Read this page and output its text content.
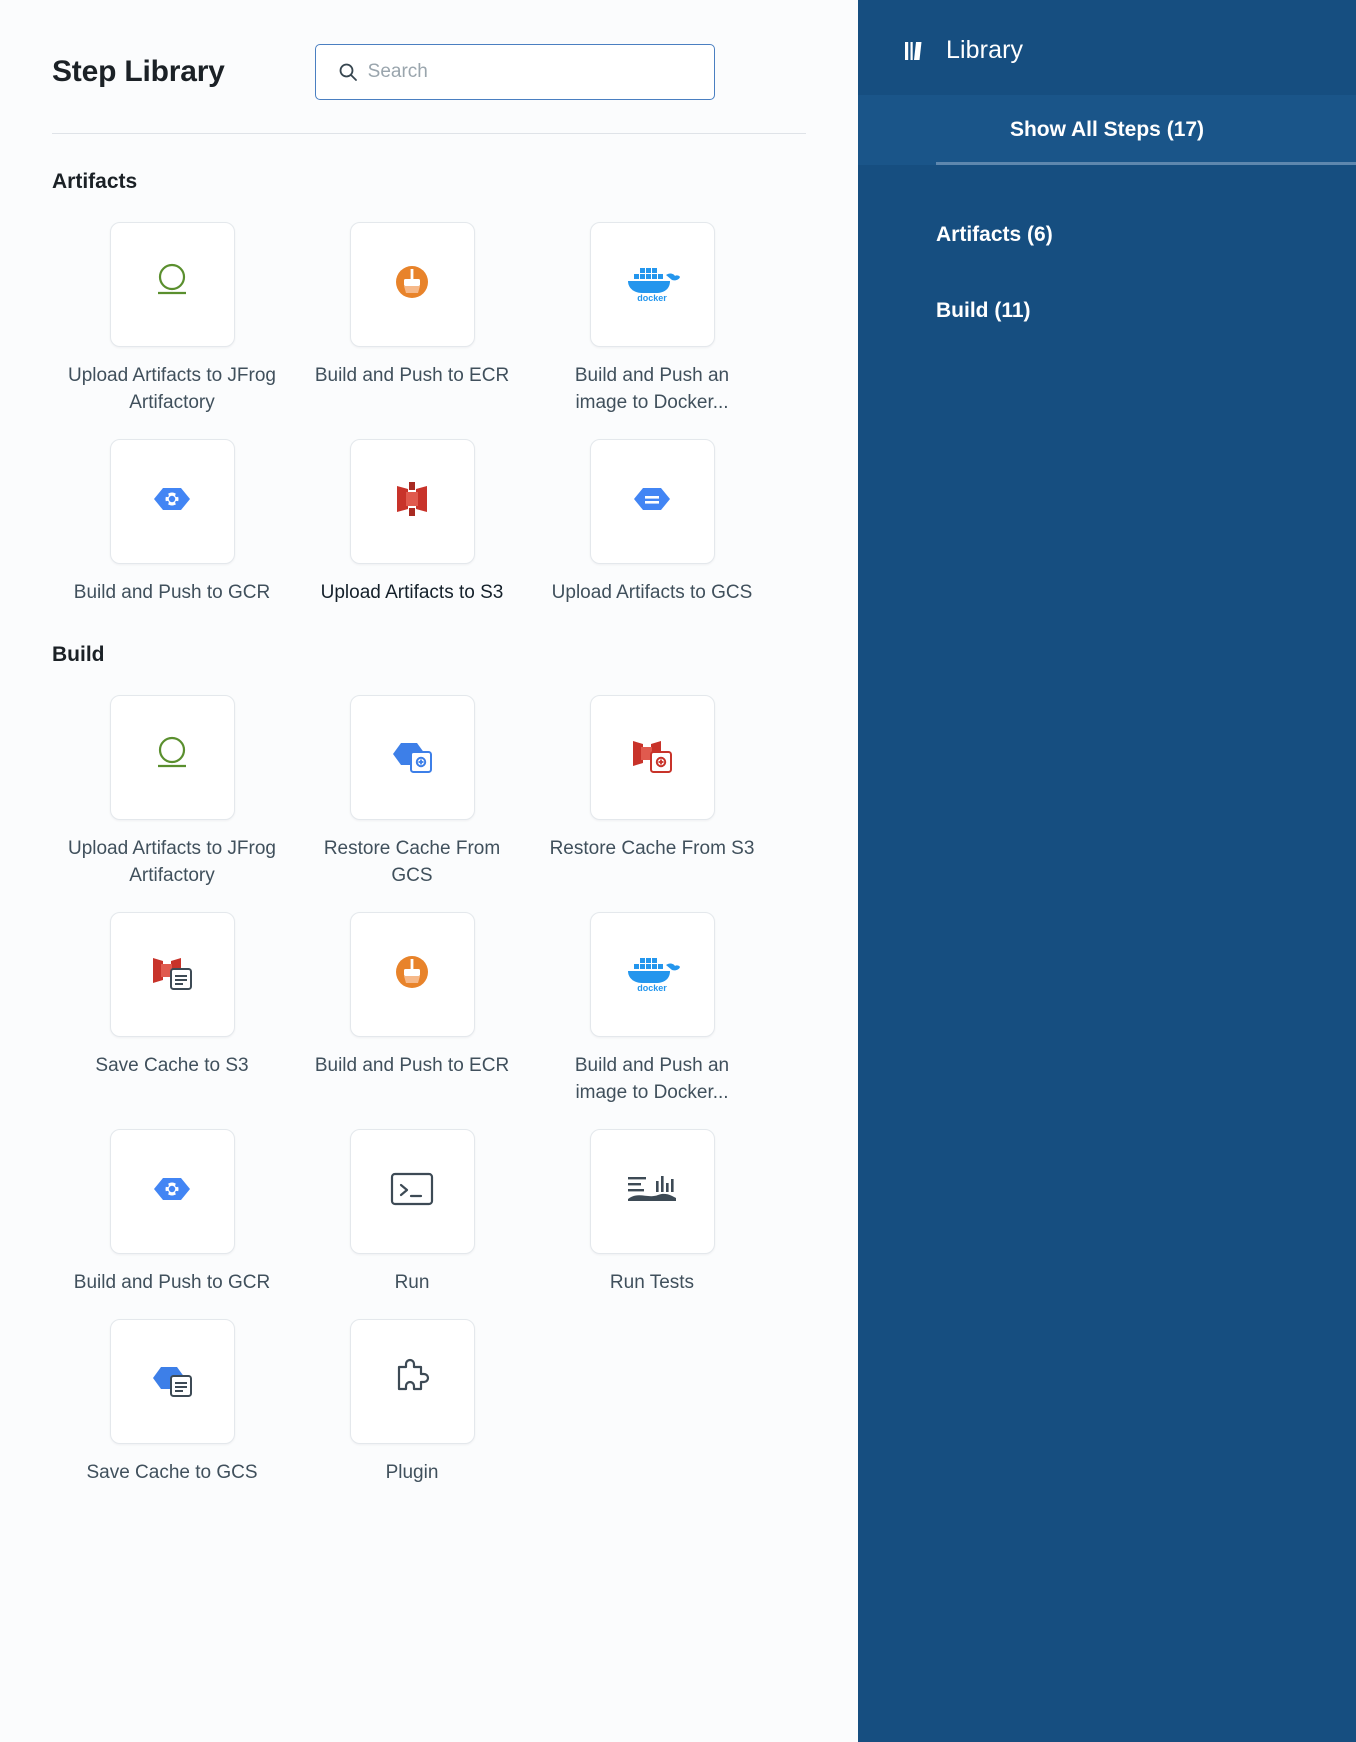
Step Library
Search
Artifacts
Upload Artifacts to JFrog Artifactory
Build and Push to ECR
docker
Build and Push an image to Docker...
Build and Push to GCR	Upload Artifacts to S3	Upload Artifacts to GCS
Build
Upload Artifacts to JFrog Artifactory
Restore Cache From GCS
Restore Cache From S3
Save Cache to S3	Build and Push to ECR
docker
Build and Push an image to Docker...
Build and Push to GCR	Run	Run Tests
Save Cache to GCS	Plugin
Library
Show All Steps (17)
Artifacts (6)
Build (11)
